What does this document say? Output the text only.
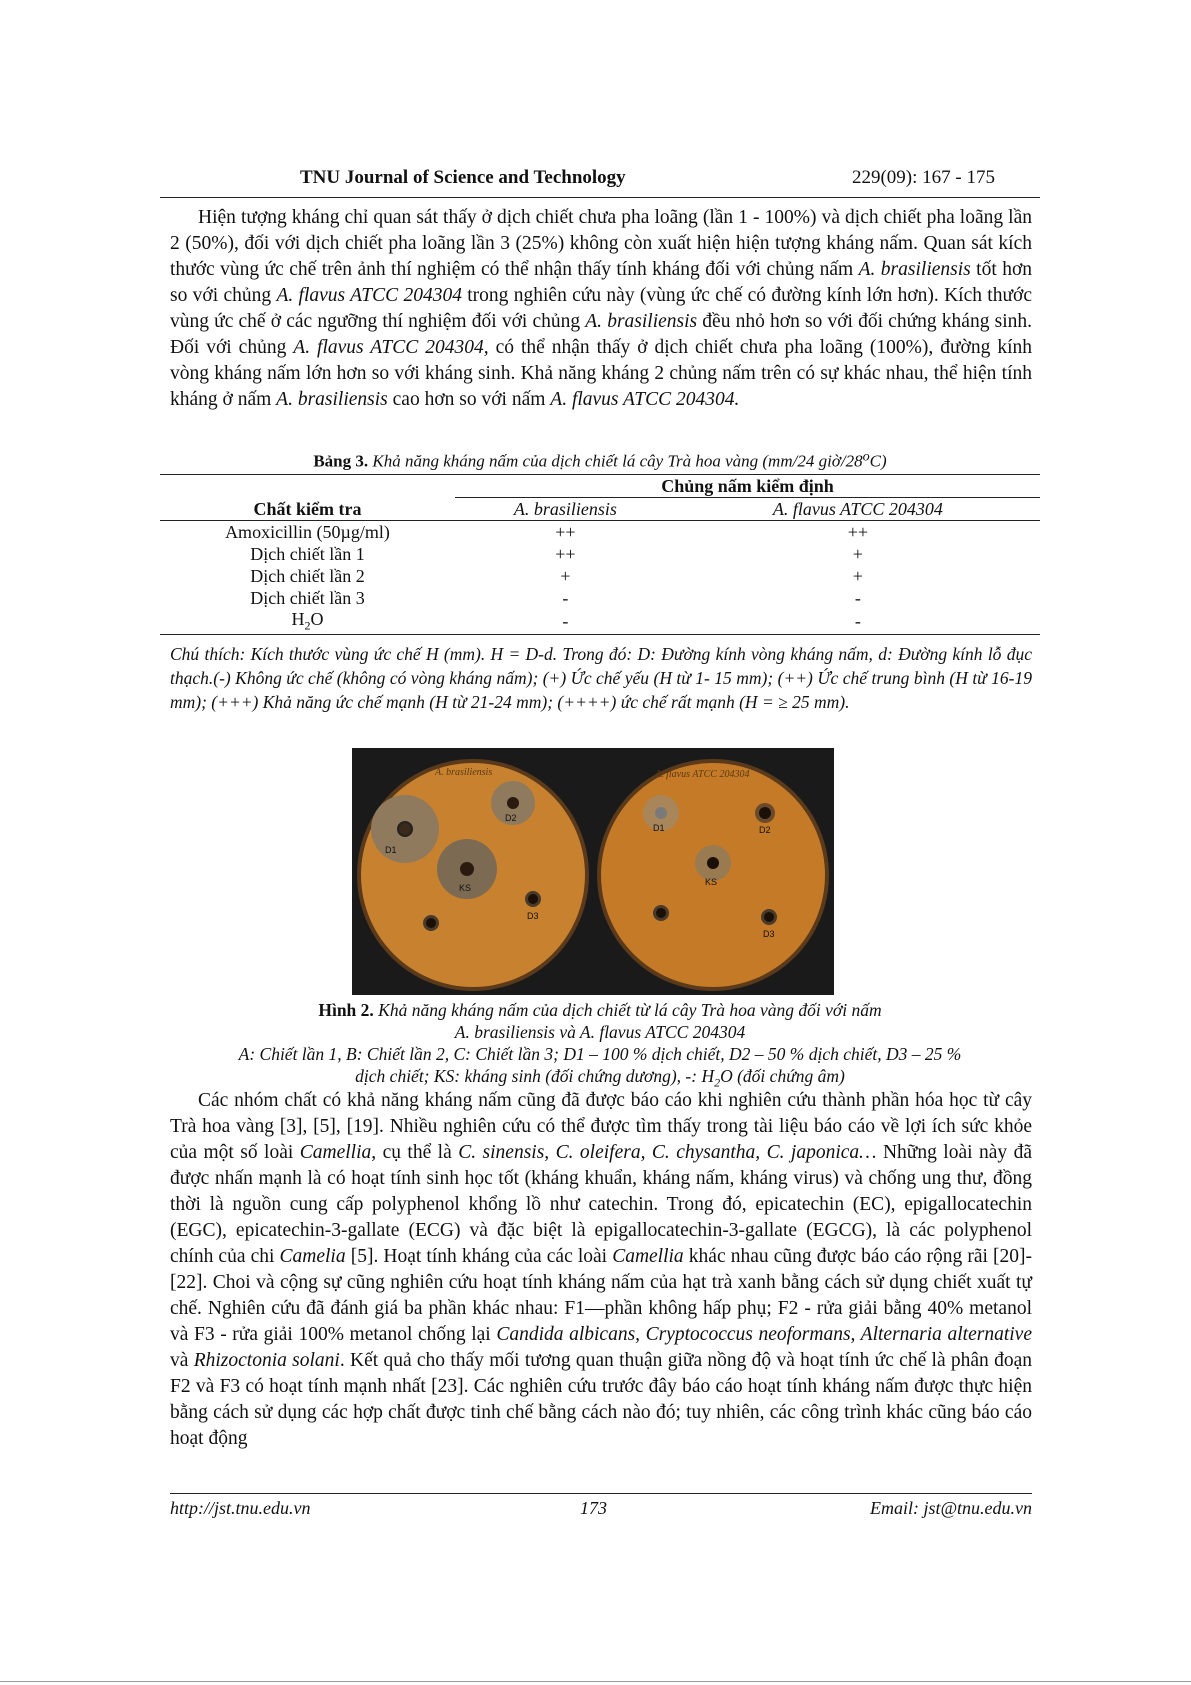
TNU Journal of Science and Technology	229(09): 167 - 175
Hiện tượng kháng chỉ quan sát thấy ở dịch chiết chưa pha loãng (lần 1 - 100%) và dịch chiết pha loãng lần 2 (50%), đối với dịch chiết pha loãng lần 3 (25%) không còn xuất hiện hiện tượng kháng nấm. Quan sát kích thước vùng ức chế trên ảnh thí nghiệm có thể nhận thấy tính kháng đối với chủng nấm A. brasiliensis tốt hơn so với chủng A. flavus ATCC 204304 trong nghiên cứu này (vùng ức chế có đường kính lớn hơn). Kích thước vùng ức chế ở các ngưỡng thí nghiệm đối với chủng A. brasiliensis đều nhỏ hơn so với đối chứng kháng sinh. Đối với chủng A. flavus ATCC 204304, có thể nhận thấy ở dịch chiết chưa pha loãng (100%), đường kính vòng kháng nấm lớn hơn so với kháng sinh. Khả năng kháng 2 chủng nấm trên có sự khác nhau, thể hiện tính kháng ở nấm A. brasiliensis cao hơn so với nấm A. flavus ATCC 204304.
Bảng 3. Khả năng kháng nấm của dịch chiết lá cây Trà hoa vàng (mm/24 giờ/28$^o$C)
Chất kiểm tra	Chủng nấm kiểm định	
	A. brasiliensis	A. flavus ATCC 204304
Amoxicillin (50µg/ml)	++	++
Dịch chiết lần 1	++	+
Dịch chiết lần 2	+	+
Dịch chiết lần 3	-	-
$H_2O$	-	-
Chú thích: Kích thước vùng ức chế H (mm). H = D-d. Trong đó: D: Đường kính vòng kháng nấm, d: Đường kính lỗ đục thạch.(-) Không ức chế (không có vòng kháng nấm); (+) Ức chế yếu (H từ 1- 15 mm); (++) Ức chế trung bình (H từ 16-19 mm); (+++) Khả năng ức chế mạnh (H từ 21-24 mm); (++++) ức chế rất mạnh (H = ≥ 25 mm).
A. brasiliensis
D1
D2
KS
D3
A. flavus ATCC 204304
D1	D2
KS
D3
Hình 2. Khả năng kháng nấm của dịch chiết từ lá cây Trà hoa vàng đối với nấm
A. brasiliensis và A. flavus ATCC 204304
A: Chiết lần 1, B: Chiết lần 2, C: Chiết lần 3; D1 – 100 % dịch chiết, D2 – 50 % dịch chiết, D3 – 25 %
dịch chiết; KS: kháng sinh (đối chứng dương), -: $H_2O$ (đối chứng âm)
Các nhóm chất có khả năng kháng nấm cũng đã được báo cáo khi nghiên cứu thành phần hóa học từ cây Trà hoa vàng [3], [5], [19]. Nhiều nghiên cứu có thể được tìm thấy trong tài liệu báo cáo về lợi ích sức khỏe của một số loài Camellia, cụ thể là C. sinensis, C. oleifera, C. chysantha, C. japonica… Những loài này đã được nhấn mạnh là có hoạt tính sinh học tốt (kháng khuẩn, kháng nấm, kháng virus) và chống ung thư, đồng thời là nguồn cung cấp polyphenol khổng lồ như catechin. Trong đó, epicatechin (EC), epigallocatechin (EGC), epicatechin-3-gallate (ECG) và đặc biệt là epigallocatechin-3-gallate (EGCG), là các polyphenol chính của chi Camelia [5]. Hoạt tính kháng của các loài Camellia khác nhau cũng được báo cáo rộng rãi [20]-[22]. Choi và cộng sự cũng nghiên cứu hoạt tính kháng nấm của hạt trà xanh bằng cách sử dụng chiết xuất tự chế. Nghiên cứu đã đánh giá ba phần khác nhau: F1—phần không hấp phụ; F2 - rửa giải bằng 40% metanol và F3 - rửa giải 100% metanol chống lại Candida albicans, Cryptococcus neoformans, Alternaria alternative và Rhizoctonia solani. Kết quả cho thấy mối tương quan thuận giữa nồng độ và hoạt tính ức chế là phân đoạn F2 và F3 có hoạt tính mạnh nhất [23]. Các nghiên cứu trước đây báo cáo hoạt tính kháng nấm được thực hiện bằng cách sử dụng các hợp chất được tinh chế bằng cách nào đó; tuy nhiên, các công trình khác cũng báo cáo hoạt động
http://jst.tnu.edu.vn	173	Email: jst@tnu.edu.vn
